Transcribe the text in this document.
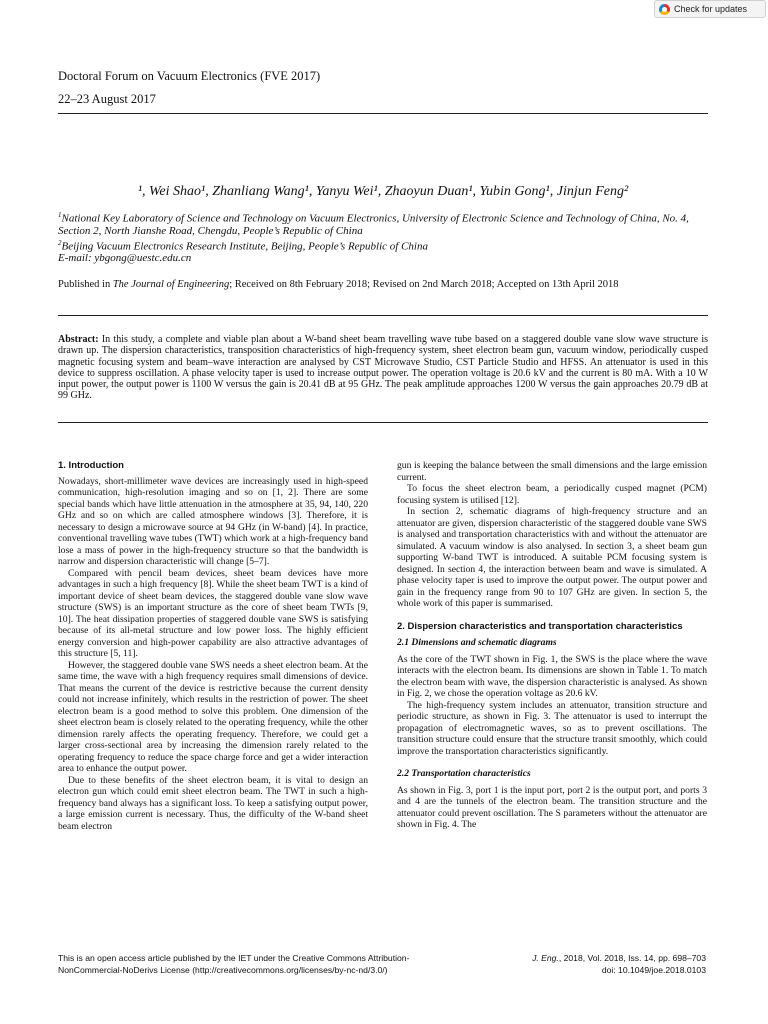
Check for updates
Doctoral Forum on Vacuum Electronics (FVE 2017)
22–23 August 2017
¹, Wei Shao¹, Zhanliang Wang¹, Yanyu Wei¹, Zhaoyun Duan¹, Yubin Gong¹, Jinjun Feng²
$^1$National Key Laboratory of Science and Technology on Vacuum Electronics, University of Electronic Science and Technology of China, No. 4, Section 2, North Jianshe Road, Chengdu, People’s Republic of China
$^2$Beijing Vacuum Electronics Research Institute, Beijing, People’s Republic of China
E-mail: ybgong@uestc.edu.cn
Published in The Journal of Engineering; Received on 8th February 2018; Revised on 2nd March 2018; Accepted on 13th April 2018
Abstract: In this study, a complete and viable plan about a W-band sheet beam travelling wave tube based on a staggered double vane slow wave structure is drawn up. The dispersion characteristics, transposition characteristics of high-frequency system, sheet electron beam gun, vacuum window, periodically cusped magnetic focusing system and beam–wave interaction are analysed by CST Microwave Studio, CST Particle Studio and HFSS. An attenuator is used in this device to suppress oscillation. A phase velocity taper is used to increase output power. The operation voltage is 20.6 kV and the current is 80 mA. With a 10 W input power, the output power is 1100 W versus the gain is 20.41 dB at 95 GHz. The peak amplitude approaches 1200 W versus the gain approaches 20.79 dB at 99 GHz.
1. Introduction

Nowadays, short-millimeter wave devices are increasingly used in high-speed communication, high-resolution imaging and so on [1, 2]. There are some special bands which have little attenuation in the atmosphere at 35, 94, 140, 220 GHz and so on which are called atmosphere windows [3]. Therefore, it is necessary to design a microwave source at 94 GHz (in W-band) [4]. In practice, conventional travelling wave tubes (TWT) which work at a high-frequency band lose a mass of power in the high-frequency structure so that the bandwidth is narrow and dispersion characteristic will change [5–7].

Compared with pencil beam devices, sheet beam devices have more advantages in such a high frequency [8]. While the sheet beam TWT is a kind of important device of sheet beam devices, the staggered double vane slow wave structure (SWS) is an important structure as the core of sheet beam TWTs [9, 10]. The heat dissipation properties of staggered double vane SWS is satisfying because of its all-metal structure and low power loss. The highly efficient energy conversion and high-power capability are also attractive advantages of this structure [5, 11].

However, the staggered double vane SWS needs a sheet electron beam. At the same time, the wave with a high frequency requires small dimensions of device. That means the current of the device is restrictive because the current density could not increase infinitely, which results in the restriction of power. The sheet electron beam is a good method to solve this problem. One dimension of the sheet electron beam is closely related to the operating frequency, while the other dimension rarely affects the operating frequency. Therefore, we could get a larger cross-sectional area by increasing the dimension rarely related to the operating frequency to reduce the space charge force and get a wider interaction area to enhance the output power.

Due to these benefits of the sheet electron beam, it is vital to design an electron gun which could emit sheet electron beam. The TWT in such a high-frequency band always has a significant loss. To keep a satisfying output power, a large emission current is necessary. Thus, the difficulty of the W-band sheet beam electron

gun is keeping the balance between the small dimensions and the large emission current.

To focus the sheet electron beam, a periodically cusped magnet (PCM) focusing system is utilised [12].

In section 2, schematic diagrams of high-frequency structure and an attenuator are given, dispersion characteristic of the staggered double vane SWS is analysed and transportation characteristics with and without the attenuator are simulated. A vacuum window is also analysed. In section 3, a sheet beam gun supporting W-band TWT is introduced. A suitable PCM focusing system is designed. In section 4, the interaction between beam and wave is simulated. A phase velocity taper is used to improve the output power. The output power and gain in the frequency range from 90 to 107 GHz are given. In section 5, the whole work of this paper is summarised.

2. Dispersion characteristics and transportation characteristics
2.1 Dimensions and schematic diagrams

As the core of the TWT shown in Fig. 1, the SWS is the place where the wave interacts with the electron beam. Its dimensions are shown in Table 1. To match the electron beam with wave, the dispersion characteristic is analysed. As shown in Fig. 2, we chose the operation voltage as 20.6 kV.

The high-frequency system includes an attenuator, transition structure and periodic structure, as shown in Fig. 3. The attenuator is used to interrupt the propagation of electromagnetic waves, so as to prevent oscillations. The transition structure could ensure that the structure transit smoothly, which could improve the transportation characteristics significantly.

2.2 Transportation characteristics

As shown in Fig. 3, port 1 is the input port, port 2 is the output port, and ports 3 and 4 are the tunnels of the electron beam. The transition structure and the attenuator could prevent oscillation. The S parameters without the attenuator are shown in Fig. 4. The

This is an open access article published by the IET under the Creative Commons Attribution-NonCommercial-NoDerivs License (http://creativecommons.org/licenses/by-nc-nd/3.0/)
J. Eng., 2018, Vol. 2018, Iss. 14, pp. 698–703
doi: 10.1049/joe.2018.0103
